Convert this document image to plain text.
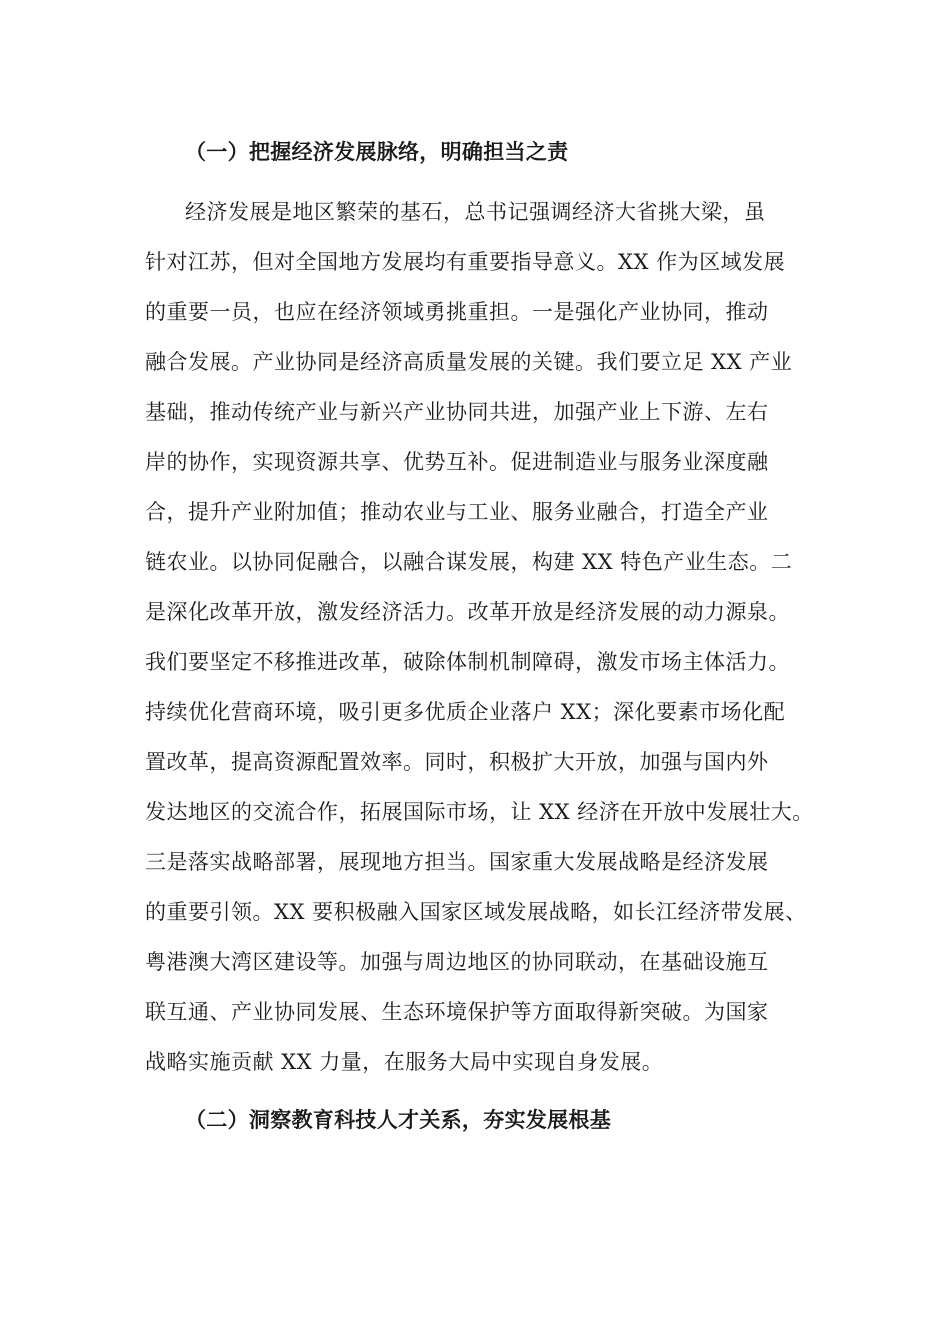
（一）把握经济发展脉络，明确担当之责
经济发展是地区繁荣的基石，总书记强调经济大省挑大梁，虽
针对江苏，但对全国地方发展均有重要指导意义。XX 作为区域发展
的重要一员，也应在经济领域勇挑重担。一是强化产业协同，推动
融合发展。产业协同是经济高质量发展的关键。我们要立足 XX 产业
基础，推动传统产业与新兴产业协同共进，加强产业上下游、左右
岸的协作，实现资源共享、优势互补。促进制造业与服务业深度融
合，提升产业附加值；推动农业与工业、服务业融合，打造全产业
链农业。以协同促融合，以融合谋发展，构建 XX 特色产业生态。二
是深化改革开放，激发经济活力。改革开放是经济发展的动力源泉。
我们要坚定不移推进改革，破除体制机制障碍，激发市场主体活力。
持续优化营商环境，吸引更多优质企业落户 XX；深化要素市场化配
置改革，提高资源配置效率。同时，积极扩大开放，加强与国内外
发达地区的交流合作，拓展国际市场，让 XX 经济在开放中发展壮大。
三是落实战略部署，展现地方担当。国家重大发展战略是经济发展
的重要引领。XX 要积极融入国家区域发展战略，如长江经济带发展、
粤港澳大湾区建设等。加强与周边地区的协同联动，在基础设施互
联互通、产业协同发展、生态环境保护等方面取得新突破。为国家
战略实施贡献 XX 力量，在服务大局中实现自身发展。
（二）洞察教育科技人才关系，夯实发展根基
